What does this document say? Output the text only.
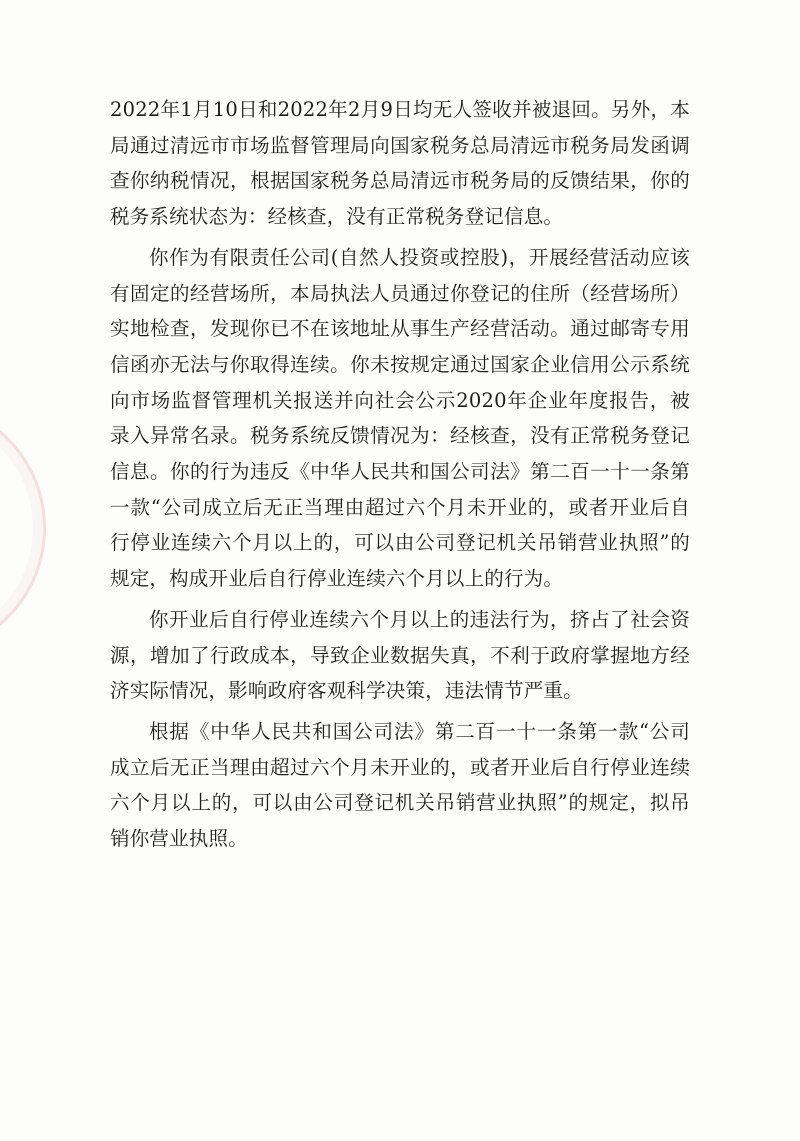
2022年1月10日和2022年2月9日均无人签收并被退回。另外，本局通过清远市市场监督管理局向国家税务总局清远市税务局发函调查你纳税情况，根据国家税务总局清远市税务局的反馈结果，你的税务系统状态为：经核查，没有正常税务登记信息。

你作为有限责任公司(自然人投资或控股)，开展经营活动应该有固定的经营场所，本局执法人员通过你登记的住所（经营场所）实地检查，发现你已不在该地址从事生产经营活动。通过邮寄专用信函亦无法与你取得连续。你未按规定通过国家企业信用公示系统向市场监督管理机关报送并向社会公示2020年企业年度报告，被录入异常名录。税务系统反馈情况为：经核查，没有正常税务登记信息。你的行为违反《中华人民共和国公司法》第二百一十一条第一款“公司成立后无正当理由超过六个月未开业的，或者开业后自行停业连续六个月以上的，可以由公司登记机关吊销营业执照”的规定，构成开业后自行停业连续六个月以上的行为。

你开业后自行停业连续六个月以上的违法行为，挤占了社会资源，增加了行政成本，导致企业数据失真，不利于政府掌握地方经济实际情况，影响政府客观科学决策，违法情节严重。

根据《中华人民共和国公司法》第二百一十一条第一款“公司成立后无正当理由超过六个月未开业的，或者开业后自行停业连续六个月以上的，可以由公司登记机关吊销营业执照”的规定，拟吊销你营业执照。
